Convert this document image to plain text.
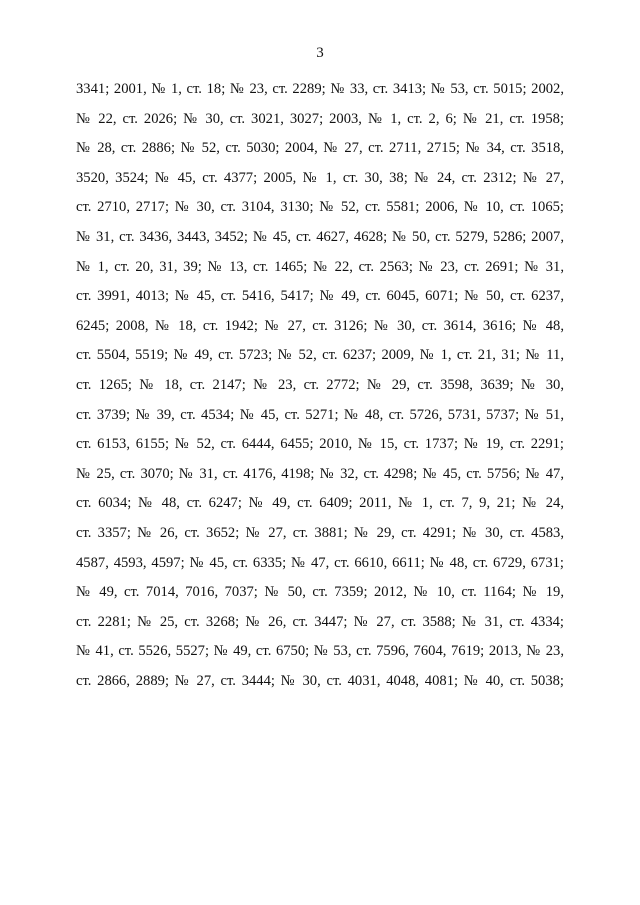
3
3341; 2001, № 1, ст. 18; № 23, ст. 2289; № 33, ст. 3413; № 53, ст. 5015; 2002,
№ 22, ст. 2026; № 30, ст. 3021, 3027; 2003, № 1, ст. 2, 6; № 21, ст. 1958;
№ 28, ст. 2886; № 52, ст. 5030; 2004, № 27, ст. 2711, 2715; № 34, ст. 3518,
3520, 3524; № 45, ст. 4377; 2005, № 1, ст. 30, 38; № 24, ст. 2312; № 27,
ст. 2710, 2717; № 30, ст. 3104, 3130; № 52, ст. 5581; 2006, № 10, ст. 1065;
№ 31, ст. 3436, 3443, 3452; № 45, ст. 4627, 4628; № 50, ст. 5279, 5286; 2007,
№ 1, ст. 20, 31, 39; № 13, ст. 1465; № 22, ст. 2563; № 23, ст. 2691; № 31,
ст. 3991, 4013; № 45, ст. 5416, 5417; № 49, ст. 6045, 6071; № 50, ст. 6237,
6245; 2008, № 18, ст. 1942; № 27, ст. 3126; № 30, ст. 3614, 3616; № 48,
ст. 5504, 5519; № 49, ст. 5723; № 52, ст. 6237; 2009, № 1, ст. 21, 31; № 11,
ст. 1265; № 18, ст. 2147; № 23, ст. 2772; № 29, ст. 3598, 3639; № 30,
ст. 3739; № 39, ст. 4534; № 45, ст. 5271; № 48, ст. 5726, 5731, 5737; № 51,
ст. 6153, 6155; № 52, ст. 6444, 6455; 2010, № 15, ст. 1737; № 19, ст. 2291;
№ 25, ст. 3070; № 31, ст. 4176, 4198; № 32, ст. 4298; № 45, ст. 5756; № 47,
ст. 6034; № 48, ст. 6247; № 49, ст. 6409; 2011, № 1, ст. 7, 9, 21; № 24,
ст. 3357; № 26, ст. 3652; № 27, ст. 3881; № 29, ст. 4291; № 30, ст. 4583,
4587, 4593, 4597; № 45, ст. 6335; № 47, ст. 6610, 6611; № 48, ст. 6729, 6731;
№ 49, ст. 7014, 7016, 7037; № 50, ст. 7359; 2012, № 10, ст. 1164; № 19,
ст. 2281; № 25, ст. 3268; № 26, ст. 3447; № 27, ст. 3588; № 31, ст. 4334;
№ 41, ст. 5526, 5527; № 49, ст. 6750; № 53, ст. 7596, 7604, 7619; 2013, № 23,
ст. 2866, 2889; № 27, ст. 3444; № 30, ст. 4031, 4048, 4081; № 40, ст. 5038;
